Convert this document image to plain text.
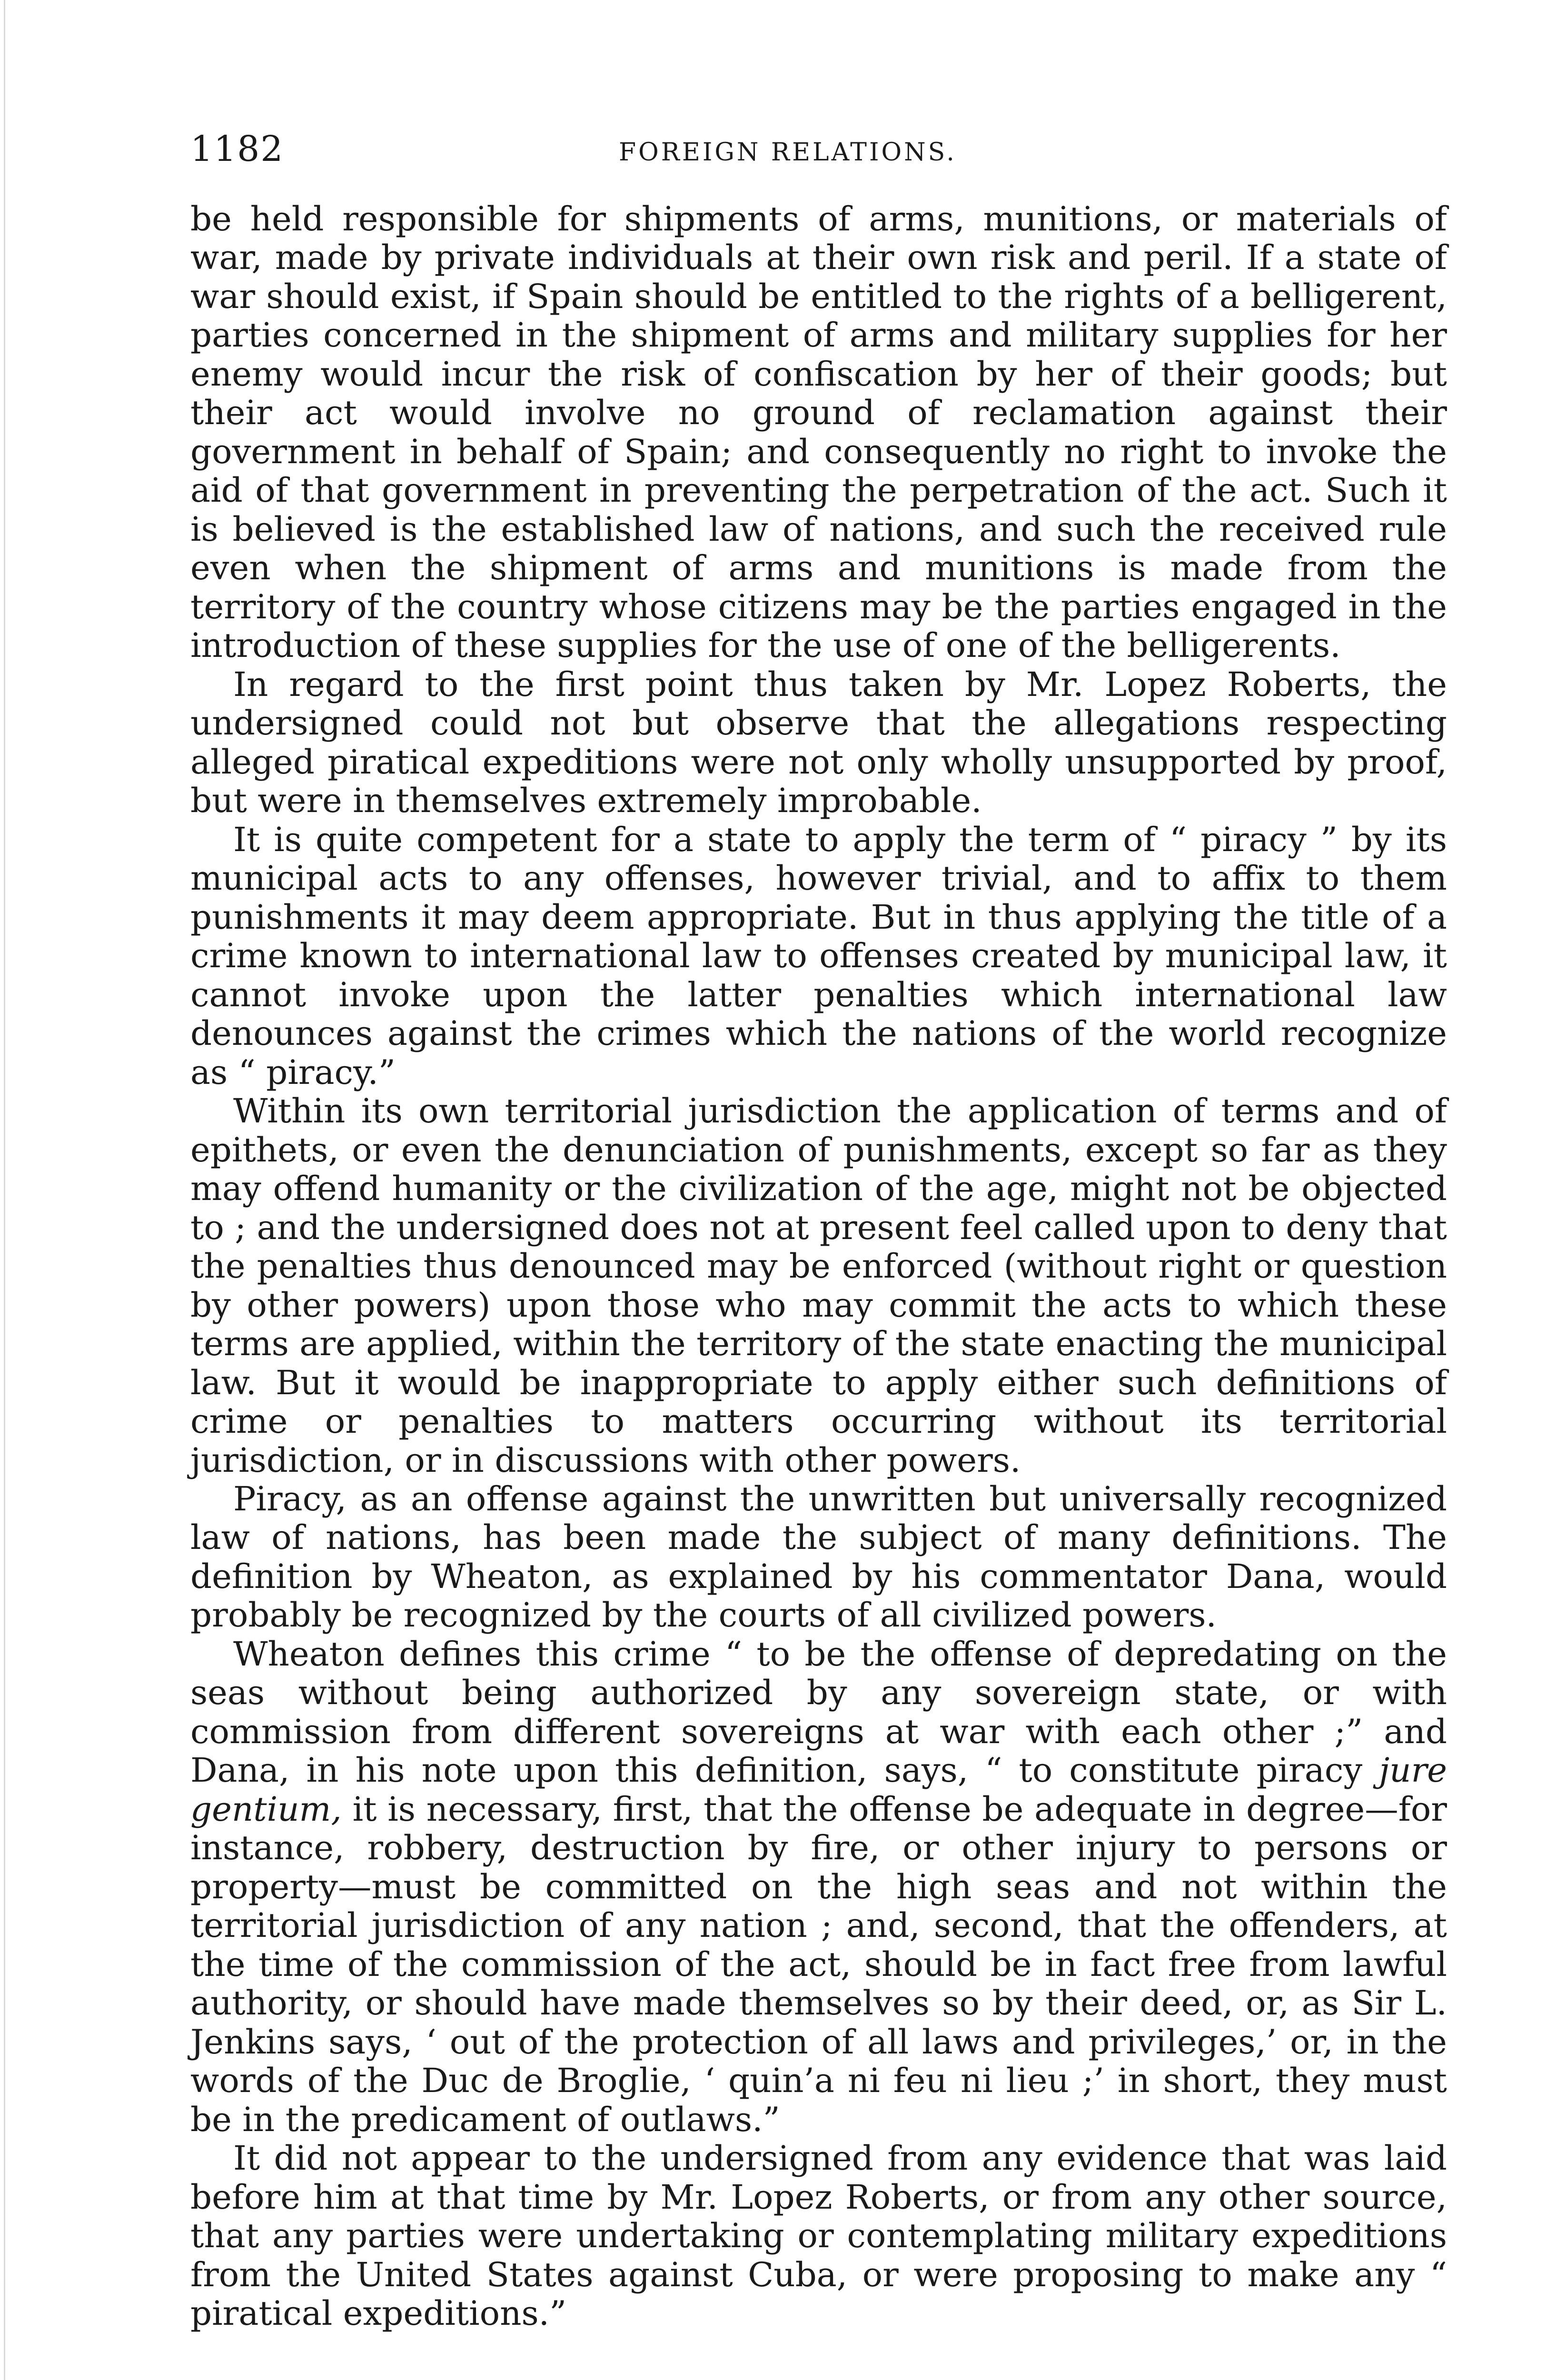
1182	FOREIGN RELATIONS.

be held responsible for shipments of arms, munitions, or materials of war, made by private individuals at their own risk and peril. If a state of war should exist, if Spain should be entitled to the rights of a belligerent, parties concerned in the shipment of arms and military supplies for her enemy would incur the risk of confiscation by her of their goods; but their act would involve no ground of reclamation against their government in behalf of Spain; and consequently no right to invoke the aid of that government in preventing the perpetration of the act. Such it is believed is the established law of nations, and such the received rule even when the shipment of arms and munitions is made from the territory of the country whose citizens may be the parties engaged in the introduction of these supplies for the use of one of the belligerents.

In regard to the first point thus taken by Mr. Lopez Roberts, the undersigned could not but observe that the allegations respecting alleged piratical expeditions were not only wholly unsupported by proof, but were in themselves extremely improbable.

It is quite competent for a state to apply the term of “ piracy ” by its municipal acts to any offenses, however trivial, and to affix to them punishments it may deem appropriate. But in thus applying the title of a crime known to international law to offenses created by municipal law, it cannot invoke upon the latter penalties which international law denounces against the crimes which the nations of the world recognize as “ piracy.”

Within its own territorial jurisdiction the application of terms and of epithets, or even the denunciation of punishments, except so far as they may offend humanity or the civilization of the age, might not be objected to ; and the undersigned does not at present feel called upon to deny that the penalties thus denounced may be enforced (without right or question by other powers) upon those who may commit the acts to which these terms are applied, within the territory of the state enacting the municipal law. But it would be inappropriate to apply either such definitions of crime or penalties to matters occurring without its territorial jurisdiction, or in discussions with other powers.

Piracy, as an offense against the unwritten but universally recognized law of nations, has been made the subject of many definitions. The definition by Wheaton, as explained by his commentator Dana, would probably be recognized by the courts of all civilized powers.

Wheaton defines this crime “ to be the offense of depredating on the seas without being authorized by any sovereign state, or with commission from different sovereigns at war with each other ;” and Dana, in his note upon this definition, says, “ to constitute piracy jure gentium, it is necessary, first, that the offense be adequate in degree—for instance, robbery, destruction by fire, or other injury to persons or property—must be committed on the high seas and not within the territorial jurisdiction of any nation ; and, second, that the offenders, at the time of the commission of the act, should be in fact free from lawful authority, or should have made themselves so by their deed, or, as Sir L. Jenkins says, ‘ out of the protection of all laws and privileges,’ or, in the words of the Duc de Broglie, ‘ quin’a ni feu ni lieu ;’ in short, they must be in the predicament of outlaws.”

It did not appear to the undersigned from any evidence that was laid before him at that time by Mr. Lopez Roberts, or from any other source, that any parties were undertaking or contemplating military expeditions from the United States against Cuba, or were proposing to make any “ piratical expeditions.”
